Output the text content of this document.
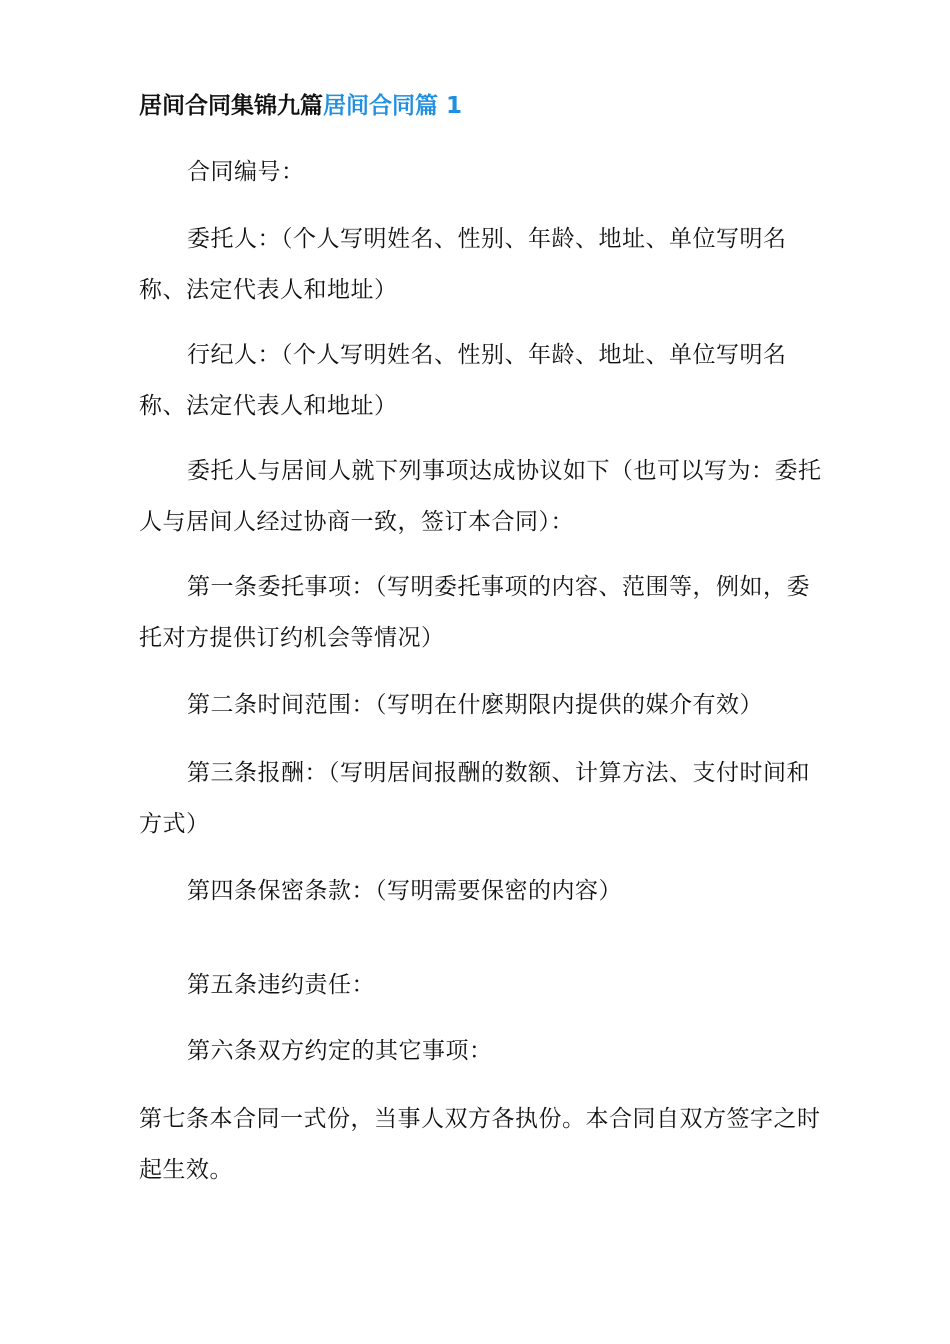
居间合同集锦九篇居间合同篇 1

合同编号：

委托人：（个人写明姓名、性别、年龄、地址、单位写明名称、法定代表人和地址）

行纪人：（个人写明姓名、性别、年龄、地址、单位写明名称、法定代表人和地址）

委托人与居间人就下列事项达成协议如下（也可以写为：委托人与居间人经过协商一致，签订本合同）：

第一条委托事项：（写明委托事项的内容、范围等，例如，委托对方提供订约机会等情况）

第二条时间范围：（写明在什麽期限内提供的媒介有效）

第三条报酬：（写明居间报酬的数额、计算方法、支付时间和方式）

第四条保密条款：（写明需要保密的内容）

第五条违约责任：

第六条双方约定的其它事项：

第七条本合同一式份，当事人双方各执份。本合同自双方签字之时起生效。
